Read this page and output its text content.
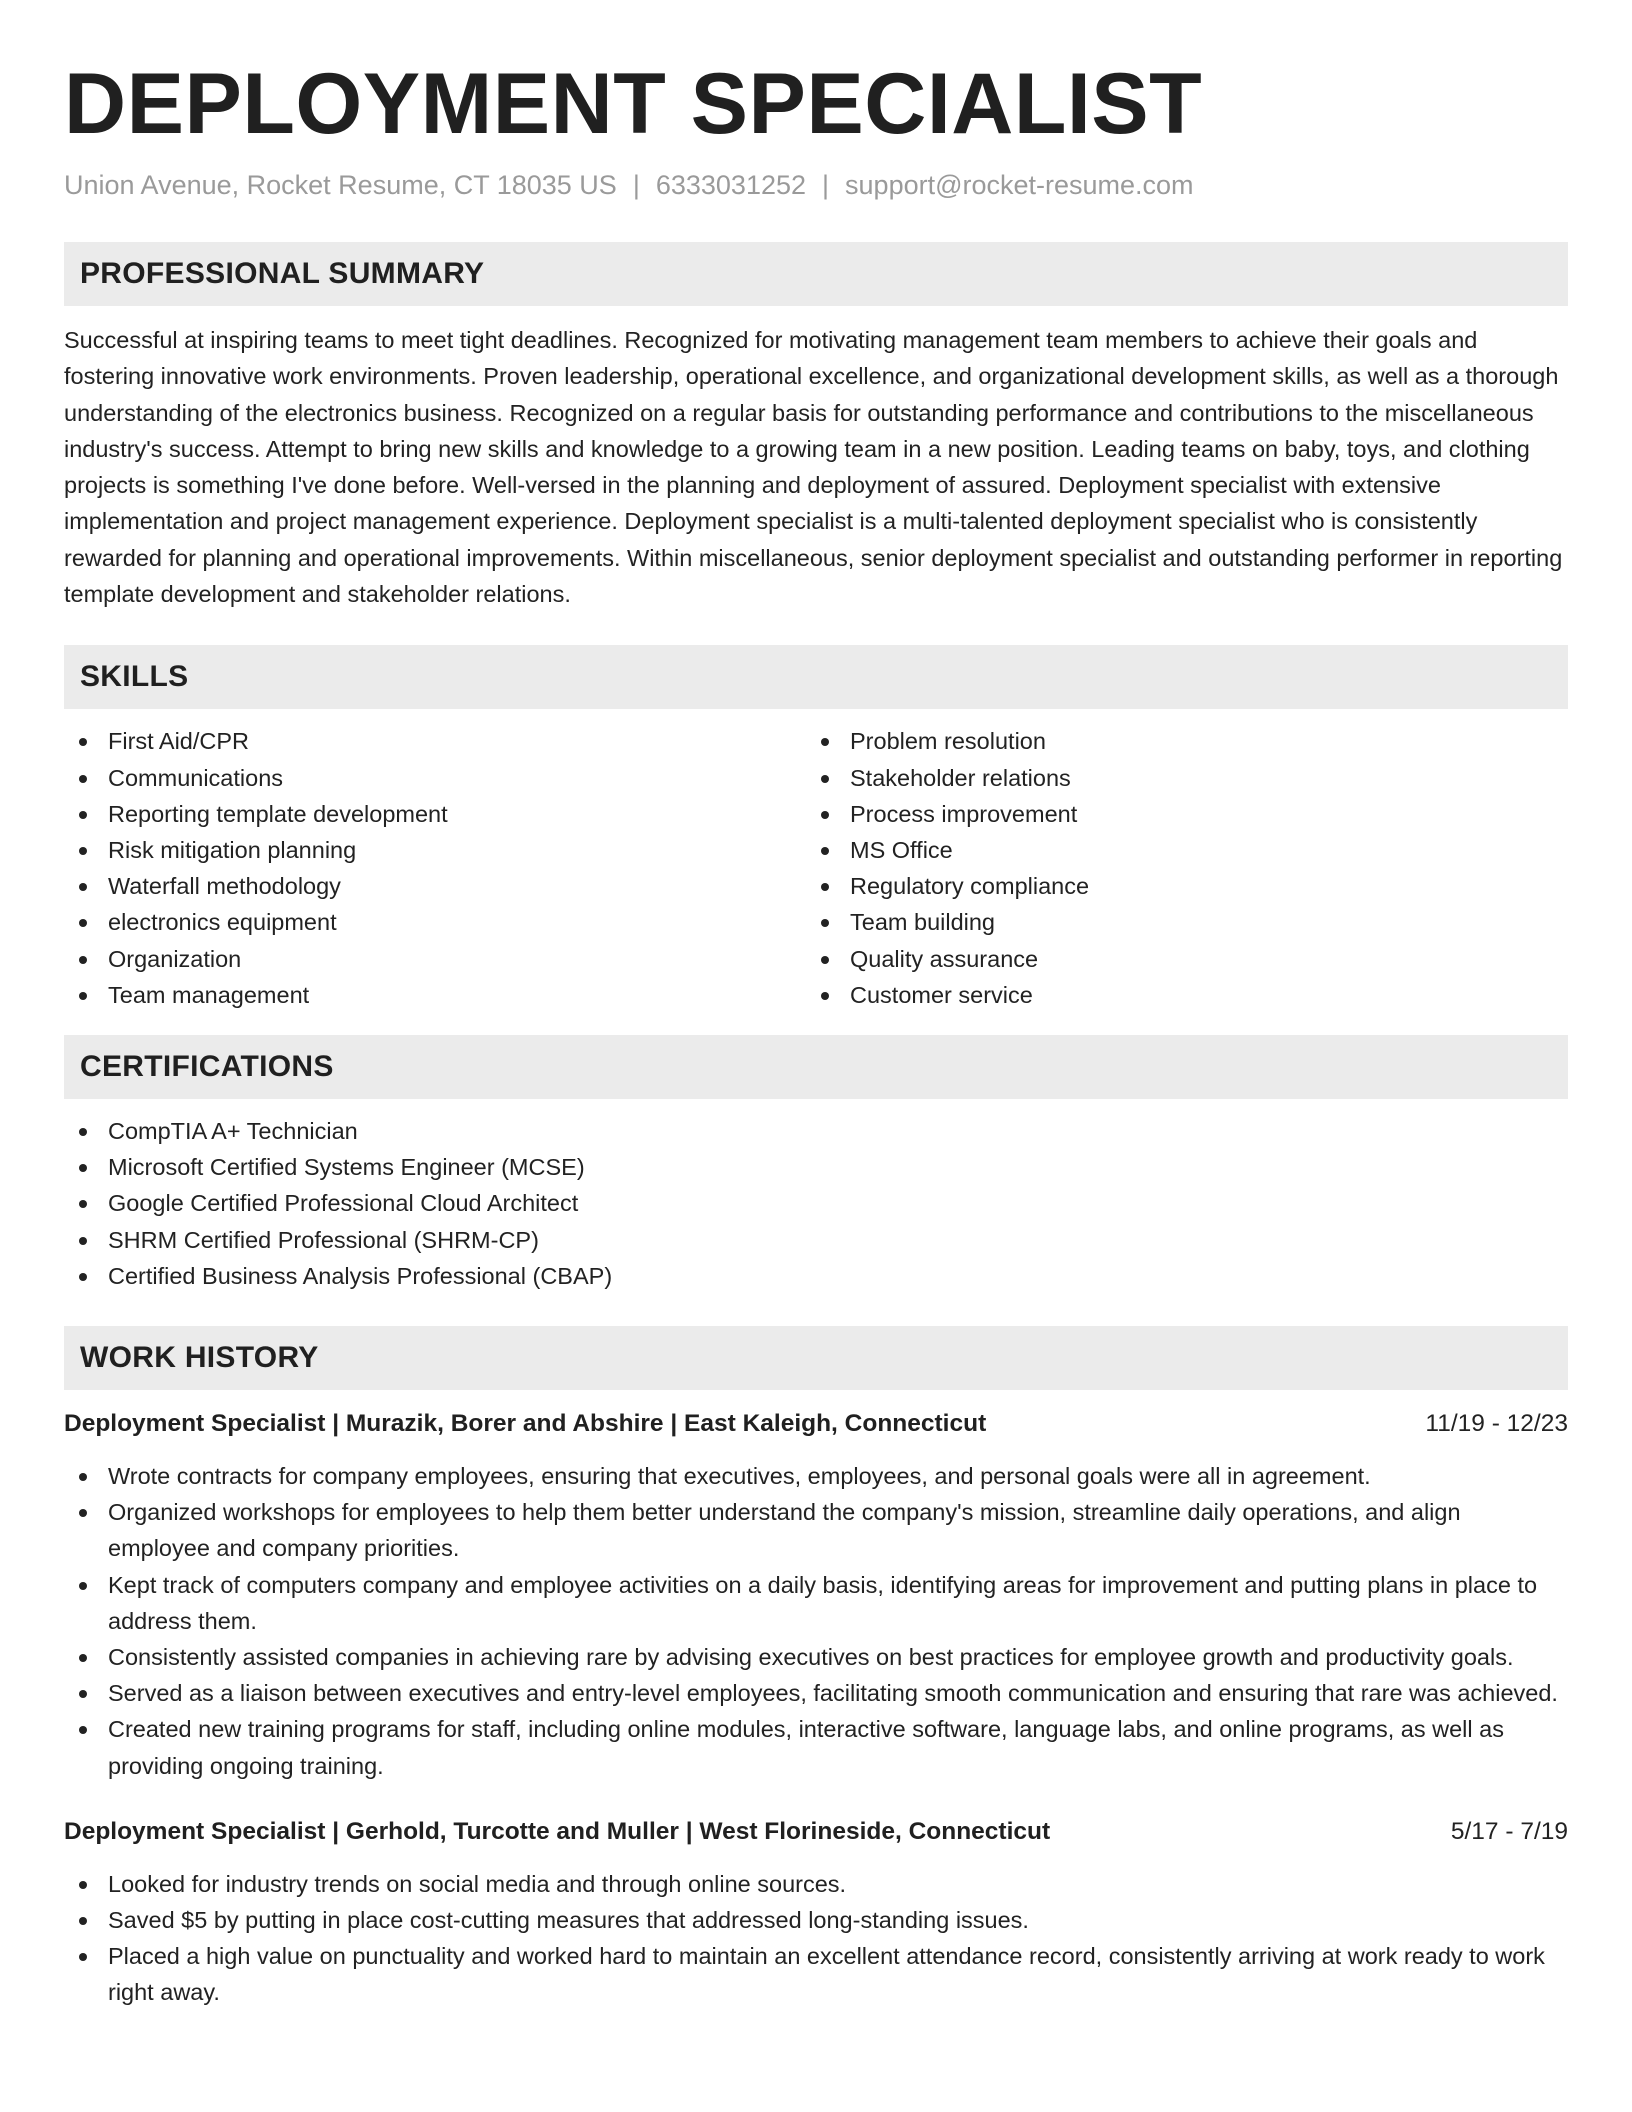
DEPLOYMENT SPECIALIST
Union Avenue, Rocket Resume, CT 18035 US | 6333031252 | support@rocket-resume.com
PROFESSIONAL SUMMARY

Successful at inspiring teams to meet tight deadlines. Recognized for motivating management team members to achieve their goals and fostering innovative work environments. Proven leadership, operational excellence, and organizational development skills, as well as a thorough understanding of the electronics business. Recognized on a regular basis for outstanding performance and contributions to the miscellaneous industry's success. Attempt to bring new skills and knowledge to a growing team in a new position. Leading teams on baby, toys, and clothing projects is something I've done before. Well-versed in the planning and deployment of assured. Deployment specialist with extensive implementation and project management experience. Deployment specialist is a multi-talented deployment specialist who is consistently rewarded for planning and operational improvements. Within miscellaneous, senior deployment specialist and outstanding performer in reporting template development and stakeholder relations.

SKILLS
First Aid/CPR
Communications
Reporting template development
Risk mitigation planning
Waterfall methodology
electronics equipment
Organization
Team management
Problem resolution
Stakeholder relations
Process improvement
MS Office
Regulatory compliance
Team building
Quality assurance
Customer service
CERTIFICATIONS
CompTIA A+ Technician
Microsoft Certified Systems Engineer (MCSE)
Google Certified Professional Cloud Architect
SHRM Certified Professional (SHRM-CP)
Certified Business Analysis Professional (CBAP)
WORK HISTORY
Deployment Specialist | Murazik, Borer and Abshire | East Kaleigh, Connecticut	11/19 - 12/23
Wrote contracts for company employees, ensuring that executives, employees, and personal goals were all in agreement.
Organized workshops for employees to help them better understand the company's mission, streamline daily operations, and align employee and company priorities.
Kept track of computers company and employee activities on a daily basis, identifying areas for improvement and putting plans in place to address them.
Consistently assisted companies in achieving rare by advising executives on best practices for employee growth and productivity goals.
Served as a liaison between executives and entry-level employees, facilitating smooth communication and ensuring that rare was achieved.
Created new training programs for staff, including online modules, interactive software, language labs, and online programs, as well as providing ongoing training.
Deployment Specialist | Gerhold, Turcotte and Muller | West Florineside, Connecticut	5/17 - 7/19
Looked for industry trends on social media and through online sources.
Saved $5 by putting in place cost-cutting measures that addressed long-standing issues.
Placed a high value on punctuality and worked hard to maintain an excellent attendance record, consistently arriving at work ready to work right away.
